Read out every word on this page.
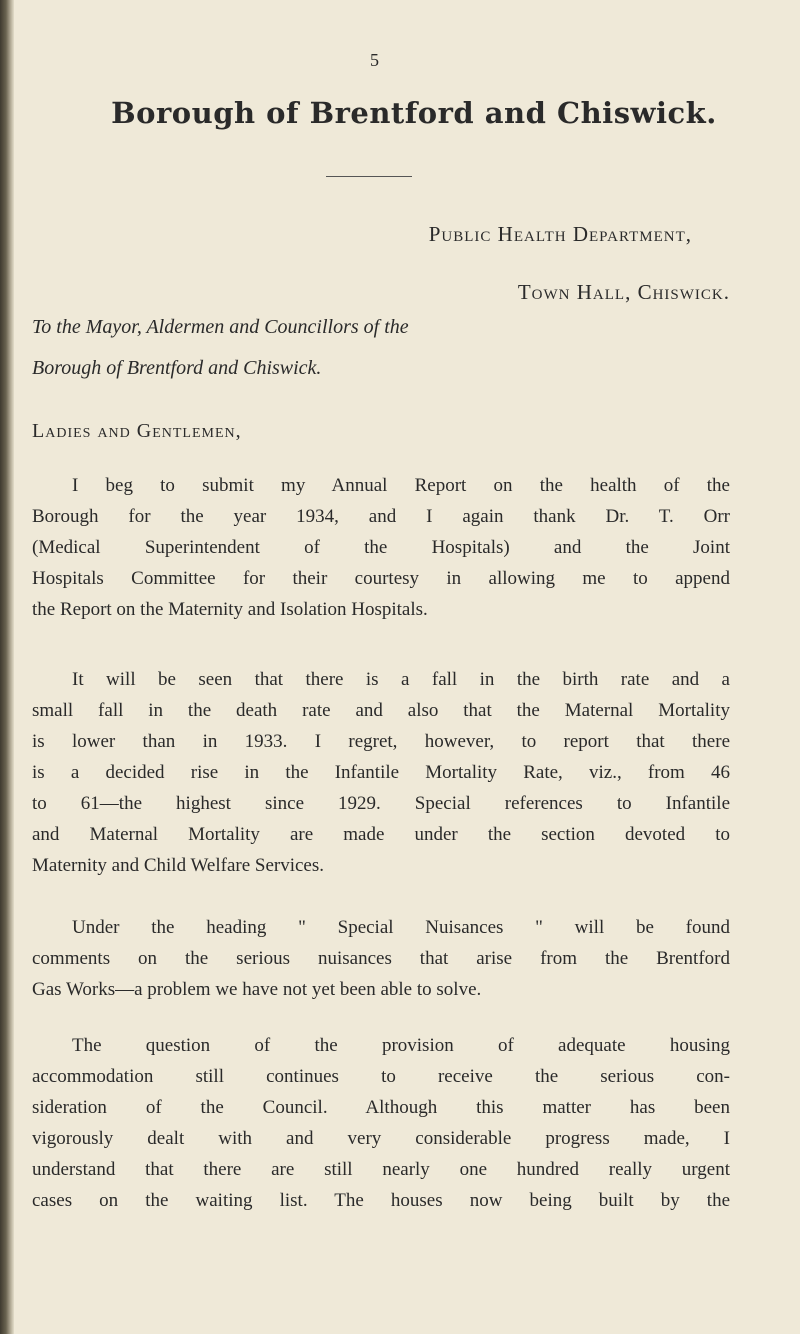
5
Borough of Brentford and Chiswick.
Public Health Department,
Town Hall, Chiswick.
To the Mayor, Aldermen and Councillors of the
Borough of Brentford and Chiswick.
Ladies and Gentlemen,
I beg to submit my Annual Report on the health of the
Borough for the year 1934, and I again thank Dr. T. Orr
(Medical Superintendent of the Hospitals) and the Joint
Hospitals Committee for their courtesy in allowing me to append
the Report on the Maternity and Isolation Hospitals.
It will be seen that there is a fall in the birth rate and a
small fall in the death rate and also that the Maternal Mortality
is lower than in 1933. I regret, however, to report that there
is a decided rise in the Infantile Mortality Rate, viz., from 46
to 61—the highest since 1929. Special references to Infantile
and Maternal Mortality are made under the section devoted to
Maternity and Child Welfare Services.
Under the heading " Special Nuisances " will be found
comments on the serious nuisances that arise from the Brentford
Gas Works—a problem we have not yet been able to solve.
The question of the provision of adequate housing
accommodation still continues to receive the serious con-
sideration of the Council. Although this matter has been
vigorously dealt with and very considerable progress made, I
understand that there are still nearly one hundred really urgent
cases on the waiting list. The houses now being built by the
